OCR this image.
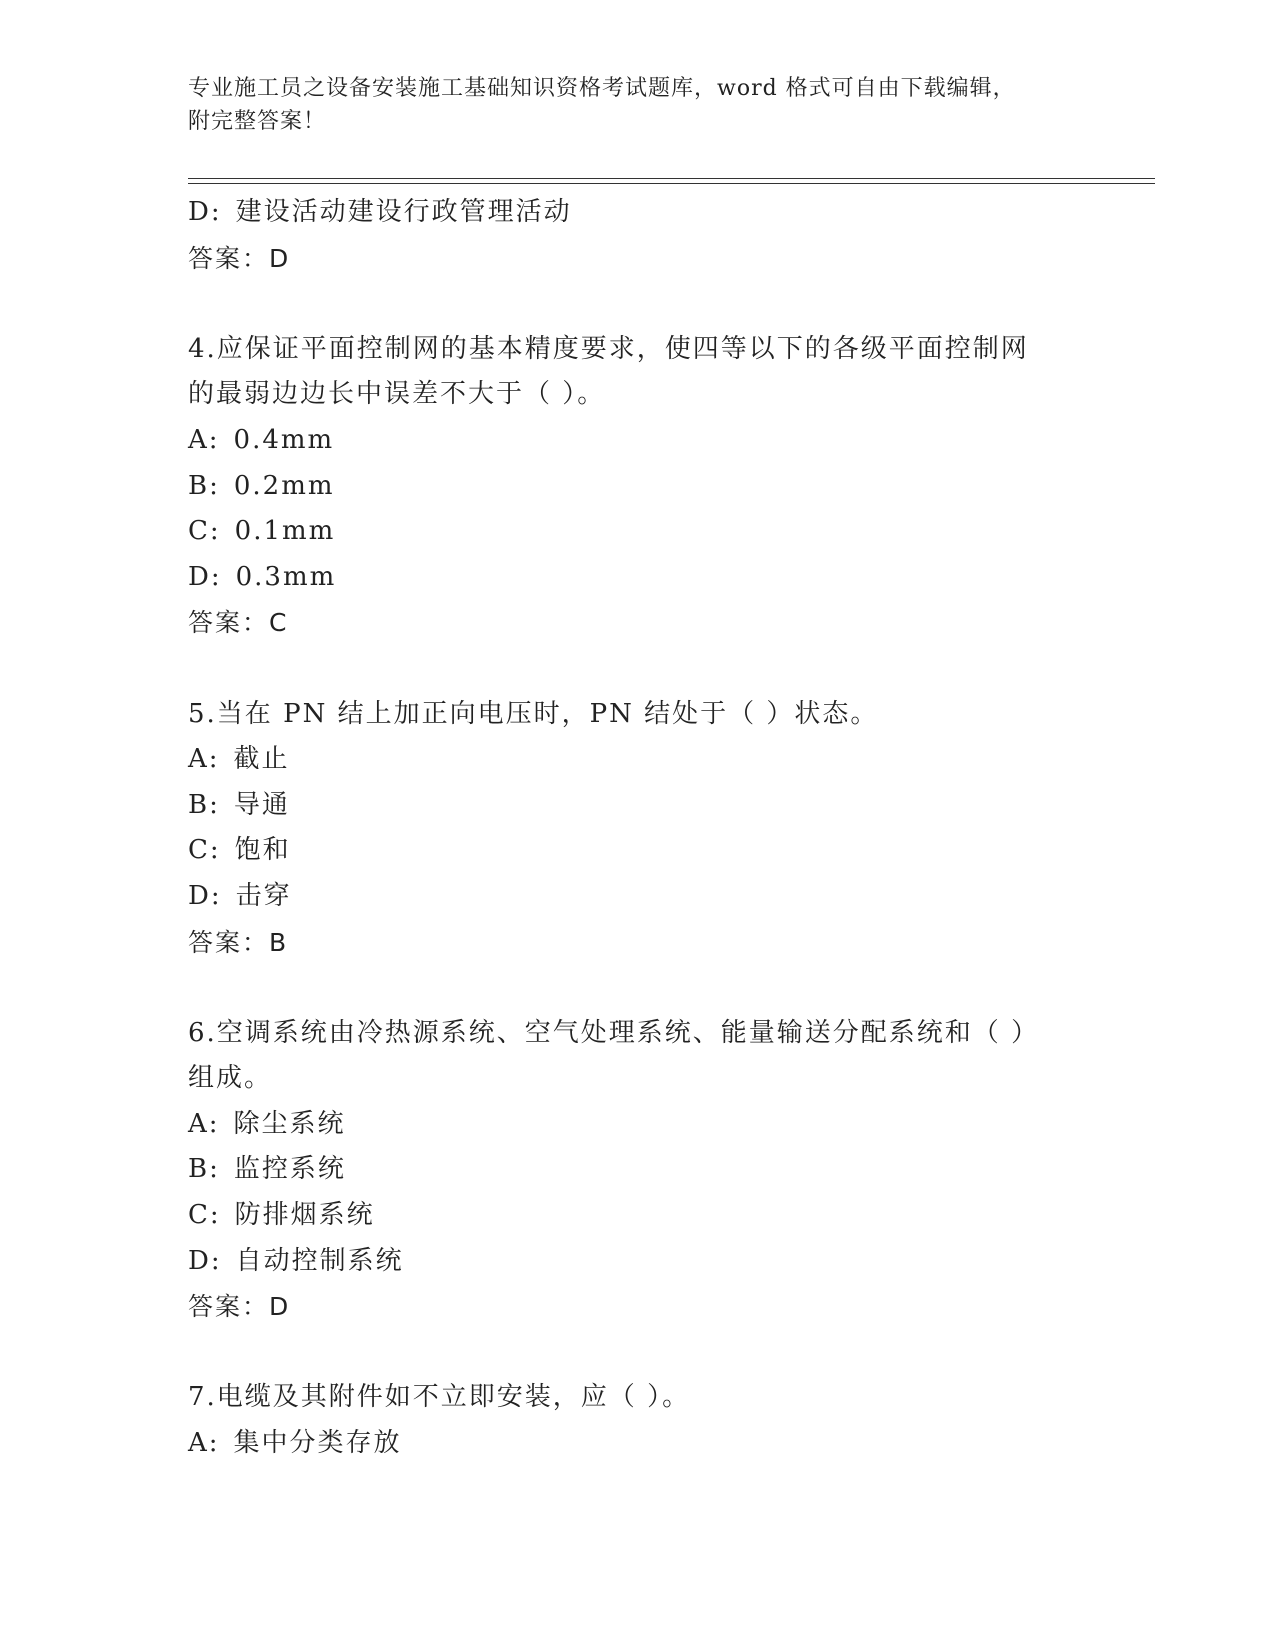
专业施工员之设备安装施工基础知识资格考试题库，word 格式可自由下载编辑，
附完整答案！
D: 建设活动建设行政管理活动
答案：D
4.应保证平面控制网的基本精度要求，使四等以下的各级平面控制网
的最弱边边长中误差不大于（ ）。
A: 0.4mm
B: 0.2mm
C: 0.1mm
D: 0.3mm
答案：C
5.当在 PN 结上加正向电压时，PN 结处于（ ）状态。
A: 截止
B: 导通
C: 饱和
D: 击穿
答案：B
6.空调系统由冷热源系统、空气处理系统、能量输送分配系统和（ ）
组成。
A: 除尘系统
B: 监控系统
C: 防排烟系统
D: 自动控制系统
答案：D
7.电缆及其附件如不立即安装，应（ ）。
A: 集中分类存放
